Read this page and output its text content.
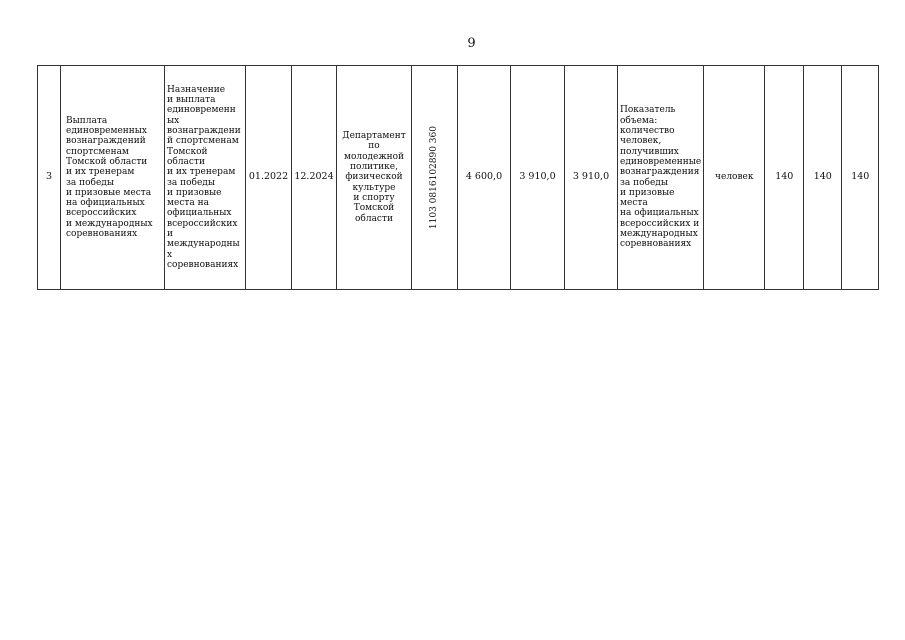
9
3	Выплата
единовременных
вознаграждений
спортсменам
Томской области
и их тренерам
за победы
и призовые места
на официальных
всероссийских
и международных
соревнованиях	Назначение
и выплата
единовременн
ых
вознаграждени
й спортсменам
Томской
области
и их тренерам
за победы
и призовые
места на
официальных
всероссийских
и
международны
х
соревнованиях	01.2022	12.2024	Департамент
по
молодежной
политике,
физической
культуре
и спорту
Томской
области	1103 0816102890 360	4 600,0	3 910,0	3 910,0	Показатель
объема:
количество
человек,
получивших
единовременные
вознаграждения
за победы
и призовые
места
на официальных
всероссийских и
международных
соревнованиях	человек	140	140	140
